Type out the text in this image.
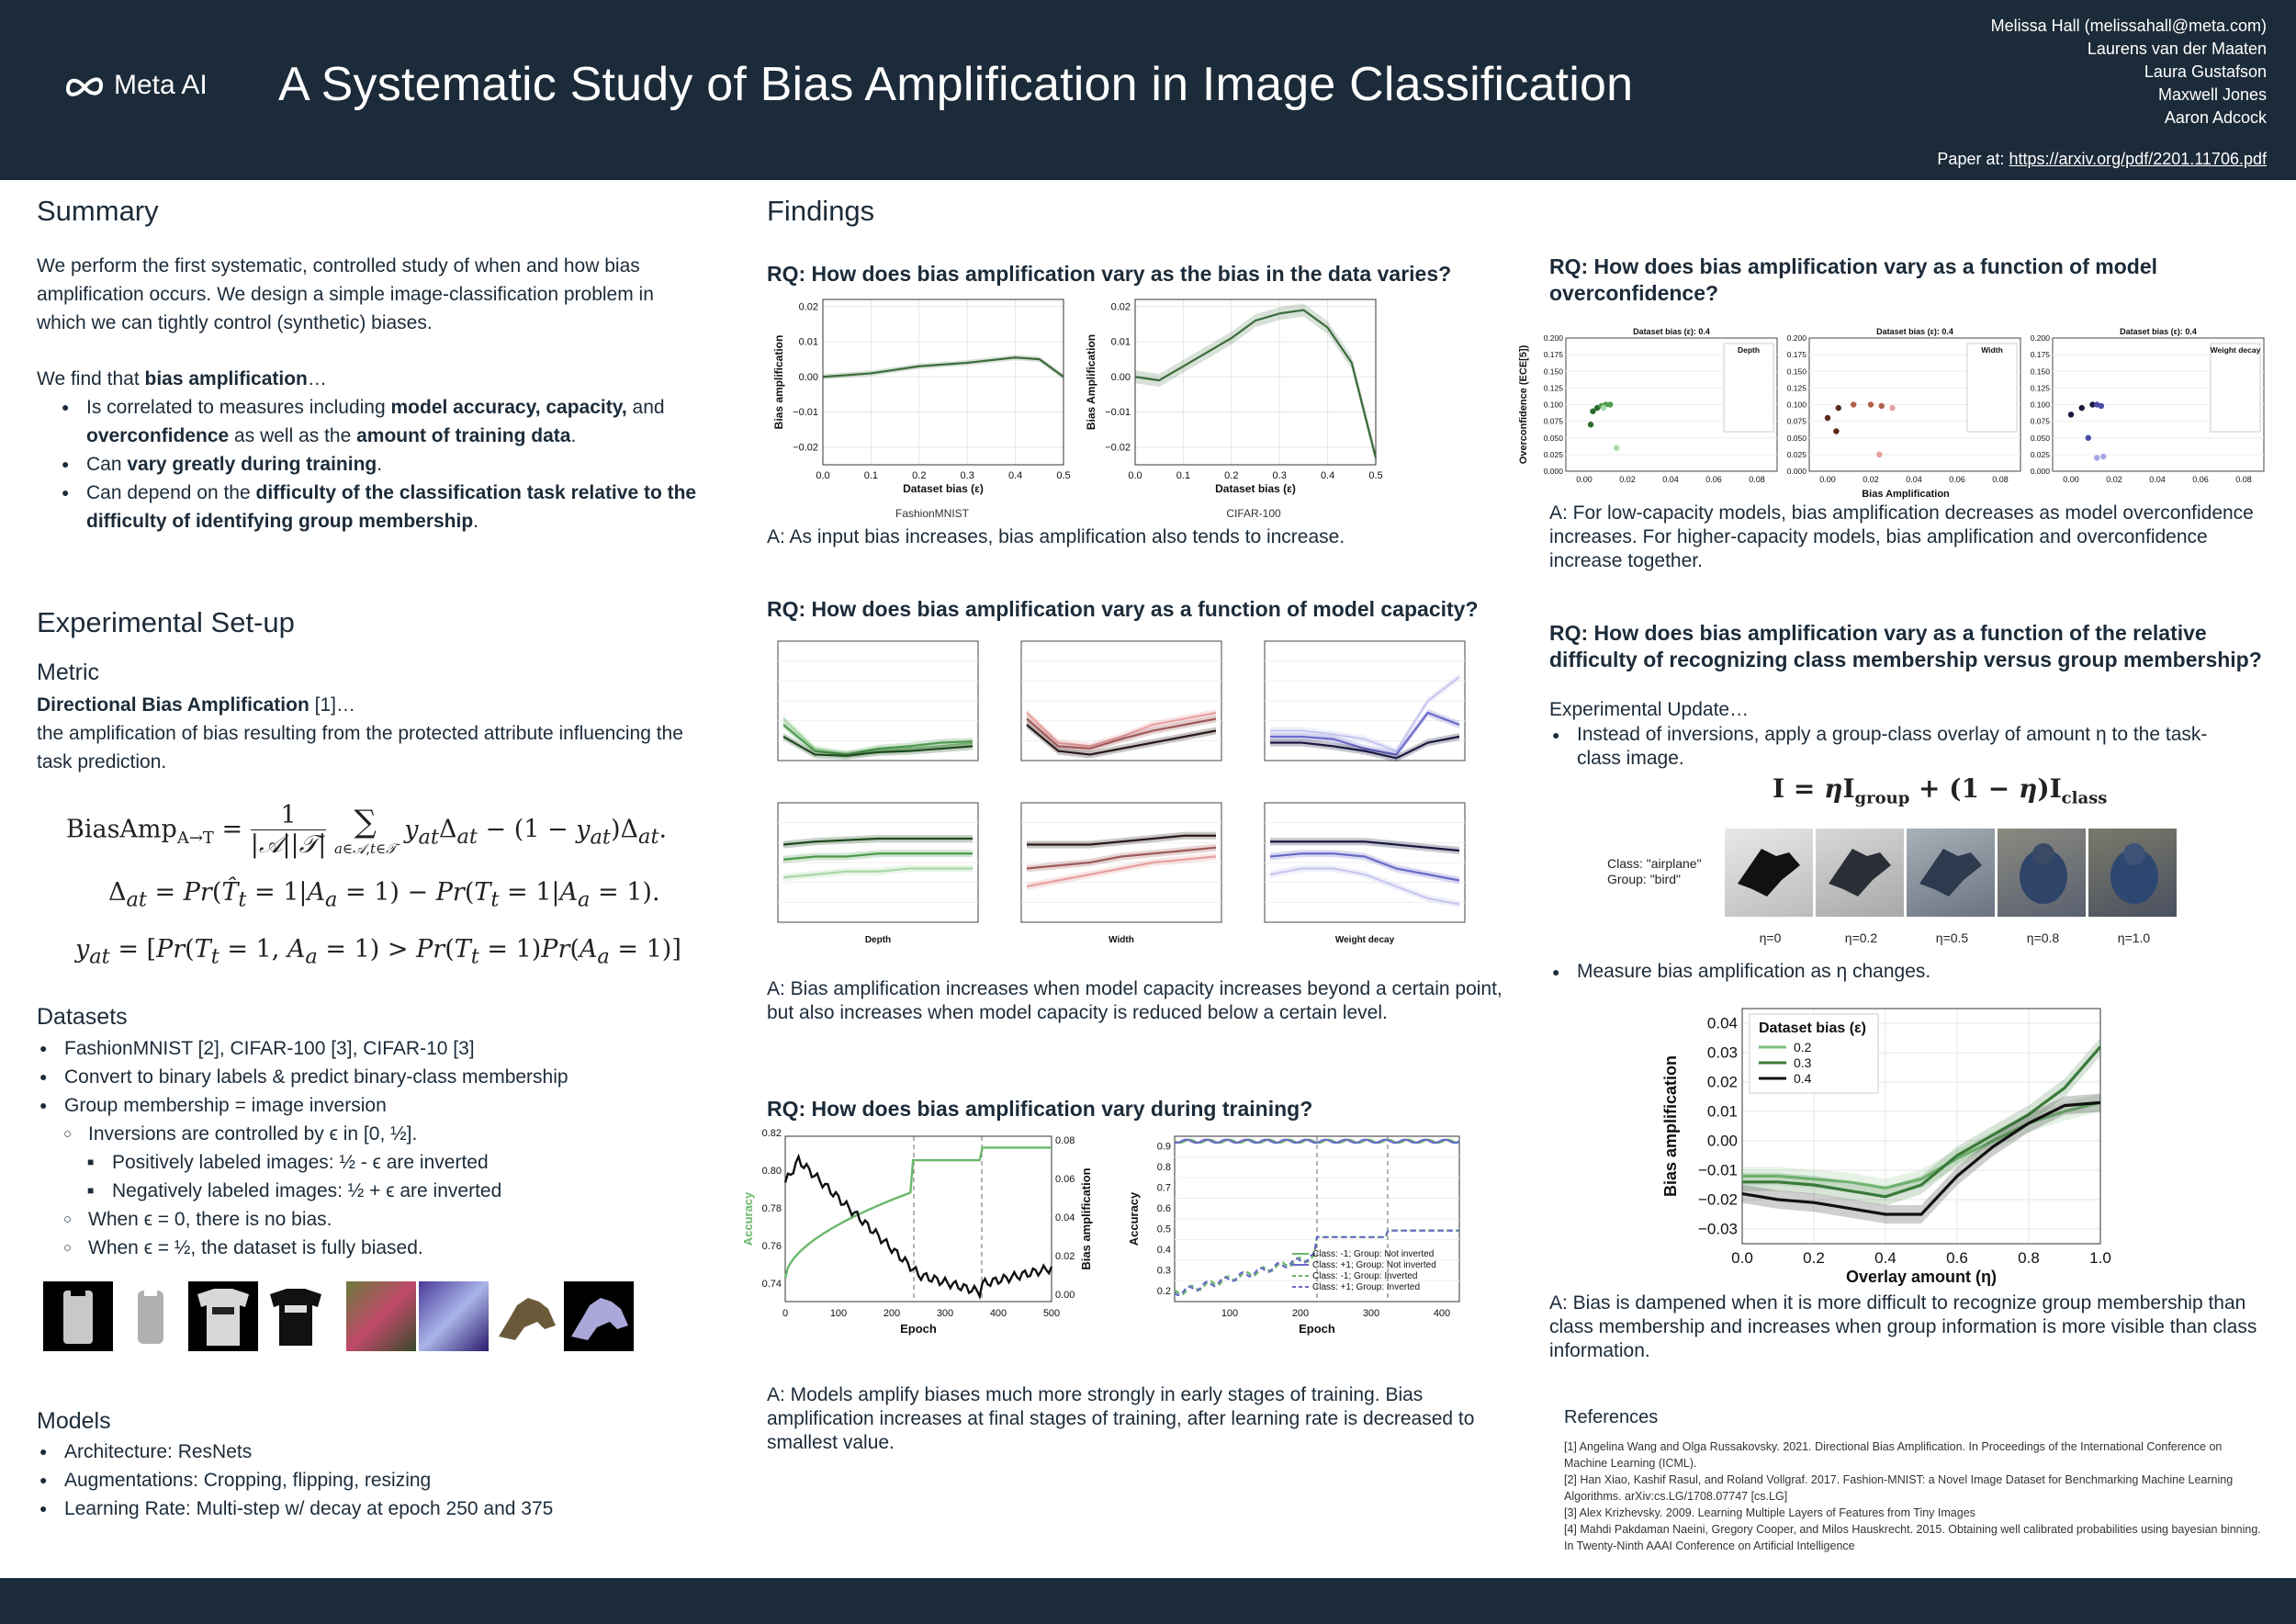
Meta AI A Systematic Study of Bias Amplification in Image Classification
Melissa Hall (melissahall@meta.com)
Laurens van der Maaten
Laura Gustafson
Maxwell Jones
Aaron Adcock
Paper at: https://arxiv.org/pdf/2201.11706.pdf
Summary
We perform the first systematic, controlled study of when and how bias amplification occurs. We design a simple image-classification problem in which we can tightly control (synthetic) biases.
We find that bias amplification…
● Is correlated to measures including model accuracy, capacity, and overconfidence as well as the amount of training data.
● Can vary greatly during training.
● Can depend on the difficulty of the classification task relative to the difficulty of identifying group membership.
Experimental Set-up
Metric
Directional Bias Amplification [1]…
the amplification of bias resulting from the protected attribute influencing the task prediction.
BiasAmp$_{A\to T}$ =	1
|𝒜||𝒯|

∑
a∈𝒜,t∈𝒯
$y_{at}\Delta_{at} - (1 - y_{at})\Delta_{at}$.
$\Delta_{at}$ = $Pr(T̂_t = 1|A_a = 1) - Pr(T_t = 1|A_a = 1)$.
$y_{at} = [Pr(T_t = 1$, $A_a = 1) > Pr(T_t = 1)Pr(A_a = 1)$]
Datasets
● FashionMNIST [2], CIFAR-100 [3], CIFAR-10 [3]
● Convert to binary labels & predict binary-class membership
● Group membership = image inversion
○ Inversions are controlled by ϵ in [0, ½].
■ Positively labeled images: ½ - ϵ are inverted
■ Negatively labeled images: ½ + ϵ are inverted
○ When ϵ = 0, there is no bias.
○ When ϵ = ½, the dataset is fully biased.
Models
● Architecture: ResNets
● Augmentations: Cropping, flipping, resizing
● Learning Rate: Multi-step w/ decay at epoch 250 and 375
Findings
RQ: How does bias amplification vary as the bias in the data varies?
0.0	0.1	0.2	0.3	0.4	0.5
−0.02
−0.01
0.00
0.01
0.02
Dataset bias (ε)
Bias amplification
FashionMNIST
0.0	0.1	0.2	0.3	0.4	0.5
−0.02
−0.01
0.00
0.01
0.02
Dataset bias (ε)
Bias Amplification
CIFAR-100
A: As input bias increases, bias amplification also tends to increase.
RQ: How does bias amplification vary as a function of model capacity?
Depth	Width	Weight decay
A: Bias amplification increases when model capacity increases beyond a certain point, but also increases when model capacity is reduced below a certain level.
RQ: How does bias amplification vary during training?
Accuracy	Bias amplification
Epoch
0	100	200	300	400	500
0.74
0.76
0.78
0.80
0.82
0.00
0.02
0.04
0.06
0.08
Accuracy
Epoch
100	200	300	400
0.2
0.3
0.4
0.5
0.6
0.7
0.8
0.9
Class: -1; Group: Not inverted
Class: +1; Group: Not inverted
Class: -1; Group: Inverted
Class: +1; Group: Inverted
A: Models amplify biases much more strongly in early stages of training. Bias amplification increases at final stages of training, after learning rate is decreased to smallest value.
RQ: How does bias amplification vary as a function of model overconfidence?
Dataset bias (ε): 0.4
0.00	0.02	0.04	0.06	0.08
0.000
0.025
0.050
0.075
0.100
0.125
0.150
0.175
0.200
Depth
Dataset bias (ε): 0.4
0.00	0.02	0.04	0.06	0.08
0.000
0.025
0.050
0.075
0.100
0.125
0.150
0.175
0.200
Width
Dataset bias (ε): 0.4
0.00	0.02	0.04	0.06	0.08
0.000
0.025
0.050
0.075
0.100
0.125
0.150
0.175
0.200
Weight decay
Overconfidence (ECE[5])
Bias Amplification
A: For low-capacity models, bias amplification decreases as model overconfidence increases. For higher-capacity models, bias amplification and overconfidence increase together.
RQ: How does bias amplification vary as a function of the relative difficulty of recognizing class membership versus group membership?
Experimental Update…
● Instead of inversions, apply a group-class overlay of amount η to the task-class image.
$I = \eta I_{group} + (1 - \eta)I_{class}$
Class: "airplane"
Group: "bird"
η=0	η=0.2	η=0.5	η=0.8	η=1.0
● Measure bias amplification as η changes.
0.0	0.2	0.4	0.6	0.8	1.0
−0.03
−0.02
−0.01
0.00
0.01
0.02
0.03
0.04
Overlay amount (η)
Bias amplification
Dataset bias (ε)
0.2
0.3
0.4
A: Bias is dampened when it is more difficult to recognize group membership than class membership and increases when group information is more visible than class information.
References
[1] Angelina Wang and Olga Russakovsky. 2021. Directional Bias Amplification. In Proceedings of the International Conference on Machine Learning (ICML).
[2] Han Xiao, Kashif Rasul, and Roland Vollgraf. 2017. Fashion-MNIST: a Novel Image Dataset for Benchmarking Machine Learning Algorithms. arXiv:cs.LG/1708.07747 [cs.LG]
[3] Alex Krizhevsky. 2009. Learning Multiple Layers of Features from Tiny Images
[4] Mahdi Pakdaman Naeini, Gregory Cooper, and Milos Hauskrecht. 2015. Obtaining well calibrated probabilities using bayesian binning. In Twenty-Ninth AAAI Conference on Artificial Intelligence
